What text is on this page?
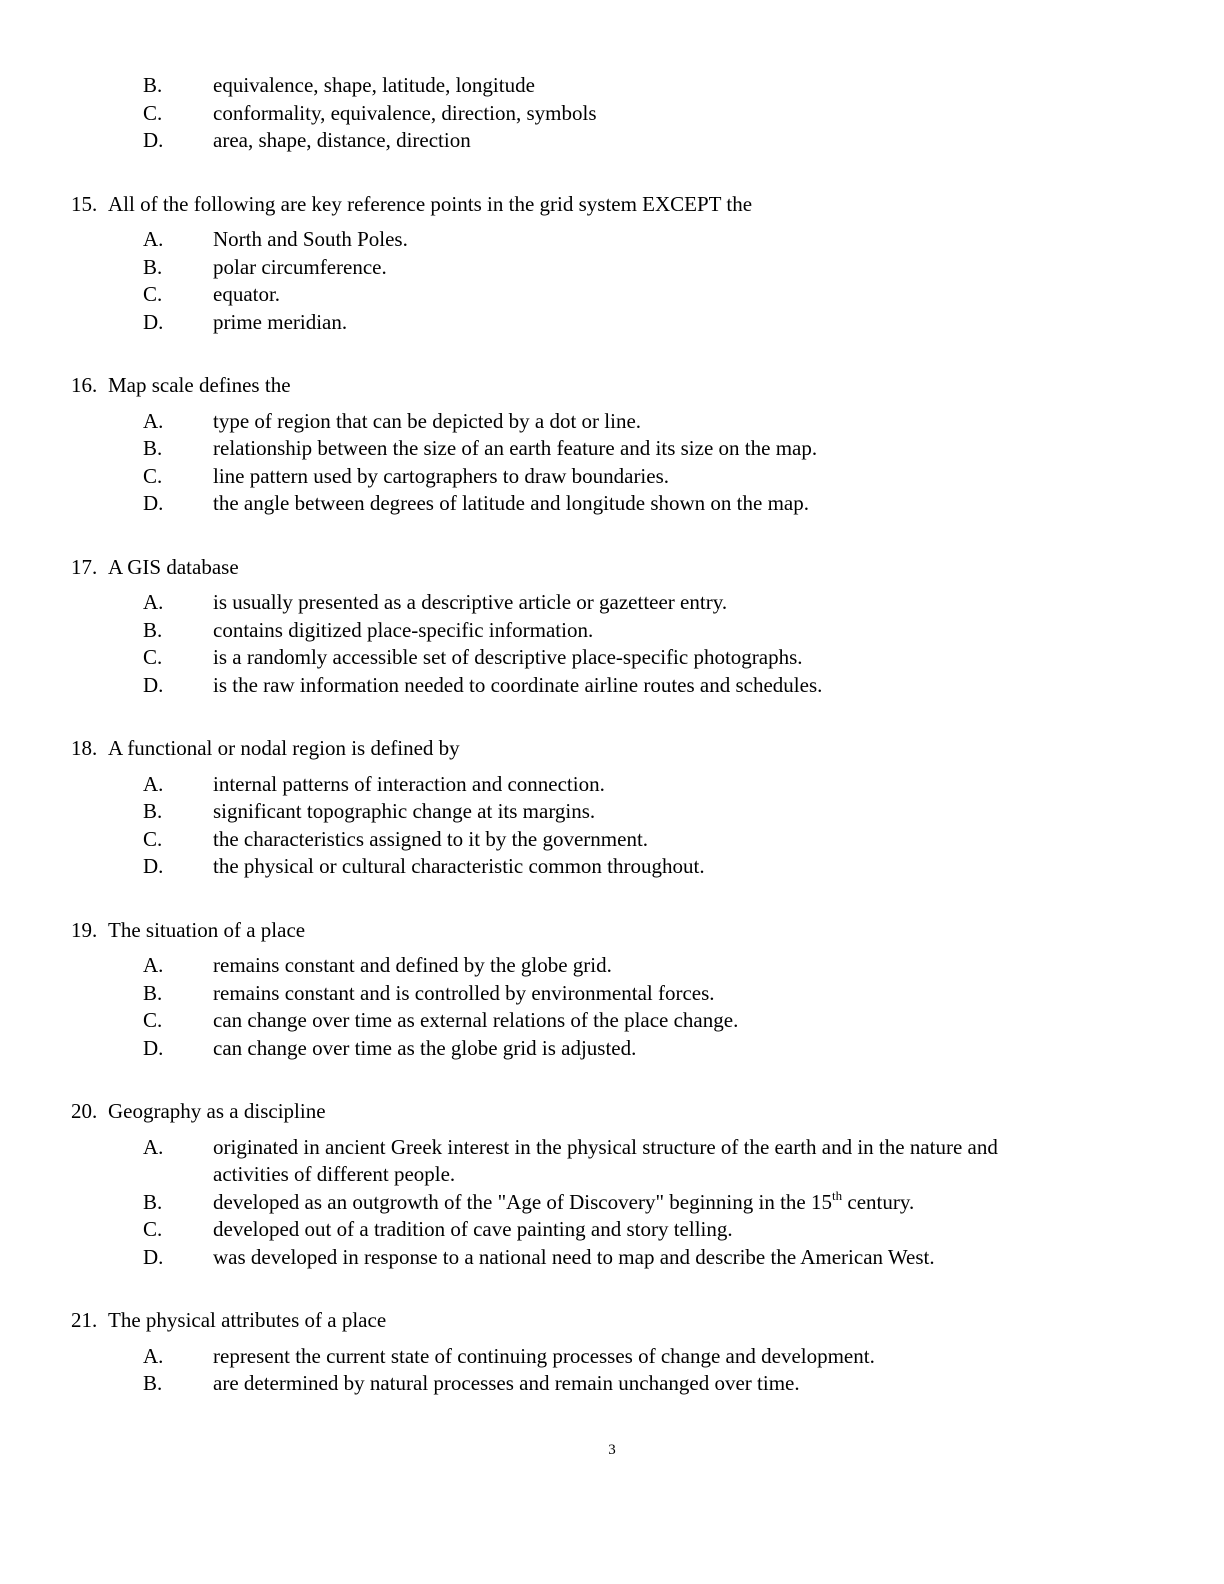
B.	equivalence, shape, latitude, longitude
C.	conformality, equivalence, direction, symbols
D.	area, shape, distance, direction
15. All of the following are key reference points in the grid system EXCEPT the
A.	North and South Poles.
B.	polar circumference.
C.	equator.
D.	prime meridian.
16. Map scale defines the
A.	type of region that can be depicted by a dot or line.
B.	relationship between the size of an earth feature and its size on the map.
C.	line pattern used by cartographers to draw boundaries.
D.	the angle between degrees of latitude and longitude shown on the map.
17. A GIS database
A.	is usually presented as a descriptive article or gazetteer entry.
B.	contains digitized place-specific information.
C.	is a randomly accessible set of descriptive place-specific photographs.
D.	is the raw information needed to coordinate airline routes and schedules.
18. A functional or nodal region is defined by
A.	internal patterns of interaction and connection.
B.	significant topographic change at its margins.
C.	the characteristics assigned to it by the government.
D.	the physical or cultural characteristic common throughout.
19. The situation of a place
A.	remains constant and defined by the globe grid.
B.	remains constant and is controlled by environmental forces.
C.	can change over time as external relations of the place change.
D.	can change over time as the globe grid is adjusted.
20. Geography as a discipline
A.	originated in ancient Greek interest in the physical structure of the earth and in the nature and activities of different people.
B.	developed as an outgrowth of the "Age of Discovery" beginning in the 15th century.
C.	developed out of a tradition of cave painting and story telling.
D.	was developed in response to a national need to map and describe the American West.
21. The physical attributes of a place
A.	represent the current state of continuing processes of change and development.
B.	are determined by natural processes and remain unchanged over time.
3
